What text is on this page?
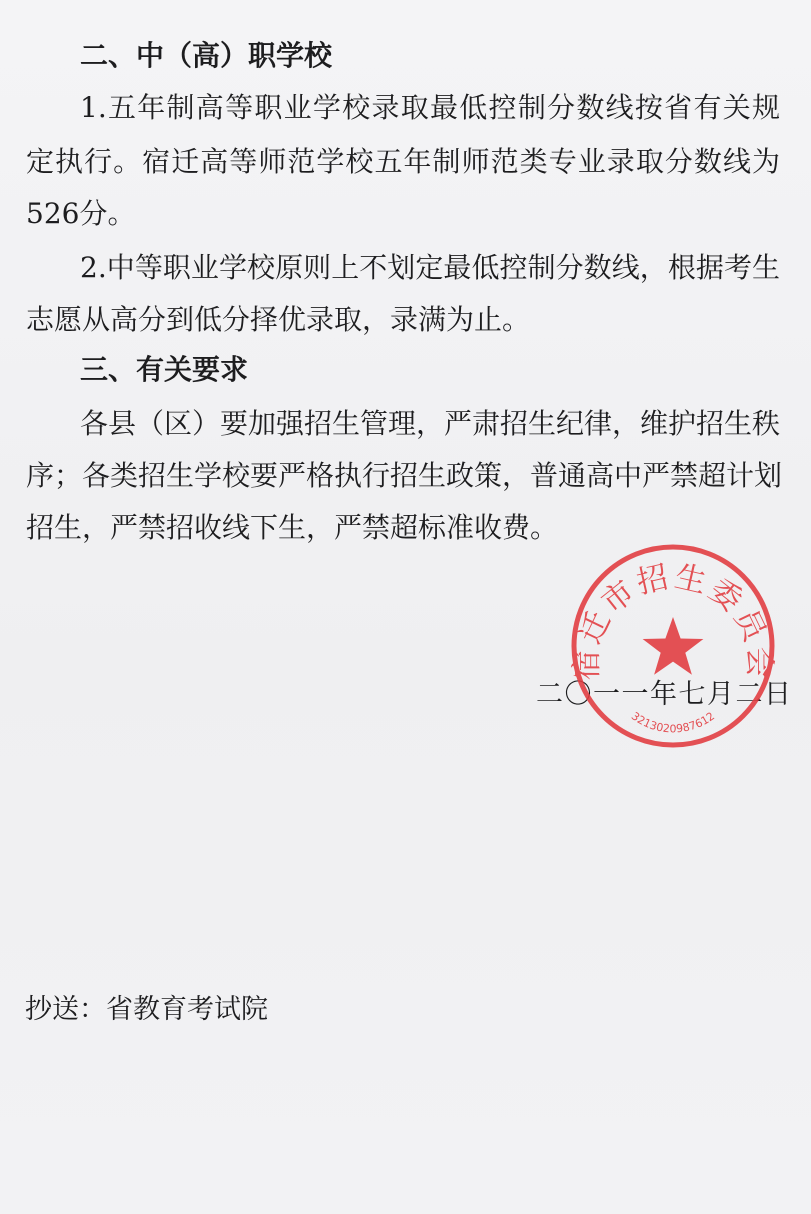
二、中（高）职学校
1.五年制高等职业学校录取最低控制分数线按省有关规
定执行。宿迁高等师范学校五年制师范类专业录取分数线为
526分。
2.中等职业学校原则上不划定最低控制分数线，根据考生
志愿从高分到低分择优录取，录满为止。
三、有关要求
各县（区）要加强招生管理，严肃招生纪律，维护招生秩
序；各类招生学校要严格执行招生政策，普通高中严禁超计划
招生，严禁招收线下生，严禁超标准收费。
二〇一一年七月二日
宿迁市招生委员会
3213020987612
抄送：省教育考试院
